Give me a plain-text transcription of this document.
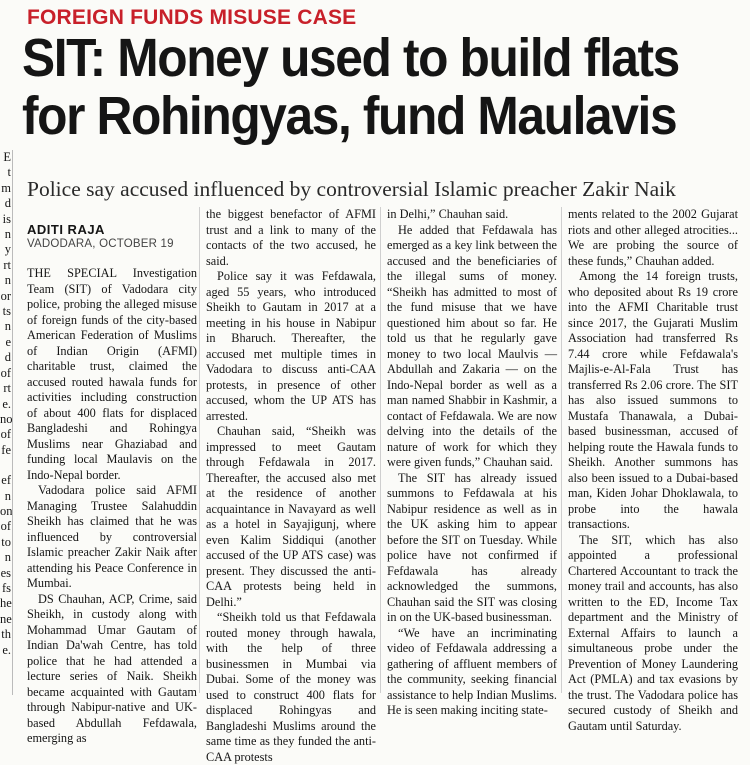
FOREIGN FUNDS MISUSE CASE
SIT: Money used to build flats
for Rohingyas, fund Maulavis
E
t
m
d
is
n
y
rt
n
or
ts
n
e
d
of
rt
e.
no
of
fe
ef
n
on
of
to
n
es
fs
he
ne
th
e.
Police say accused influenced by controversial Islamic preacher Zakir Naik
ADITI RAJA
VADODARA, OCTOBER 19

THE SPECIAL Investigation Team (SIT) of Vadodara city police, probing the alleged misuse of foreign funds of the city-based American Federation of Muslims of Indian Origin (AFMI) charitable trust, claimed the accused routed hawala funds for activities including construction of about 400 flats for displaced Bangladeshi and Rohingya Muslims near Ghaziabad and funding local Maulavis on the Indo-Nepal border.

Vadodara police said AFMI Managing Trustee Salahuddin Sheikh has claimed that he was influenced by controversial Islamic preacher Zakir Naik after attending his Peace Conference in Mumbai.

DS Chauhan, ACP, Crime, said Sheikh, in custody along with Mohammad Umar Gautam of Indian Da'wah Centre, has told police that he had attended a lecture series of Naik. Sheikh became acquainted with Gautam through Nabipur-native and UK-based Abdullah Fefdawala, emerging as

the biggest benefactor of AFMI trust and a link to many of the contacts of the two accused, he said.

Police say it was Fefdawala, aged 55 years, who introduced Sheikh to Gautam in 2017 at a meeting in his house in Nabipur in Bharuch. Thereafter, the accused met multiple times in Vadodara to discuss anti-CAA protests, in presence of other accused, whom the UP ATS has arrested.

Chauhan said, “Sheikh was impressed to meet Gautam through Fefdawala in 2017. Thereafter, the accused also met at the residence of another acquaintance in Navayard as well as a hotel in Sayajigunj, where even Kalim Siddiqui (another accused of the UP ATS case) was present. They discussed the anti-CAA protests being held in Delhi.”

“Sheikh told us that Fefdawala routed money through hawala, with the help of three businessmen in Mumbai via Dubai. Some of the money was used to construct 400 flats for displaced Rohingyas and Bangladeshi Muslims around the same time as they funded the anti-CAA protests

in Delhi,” Chauhan said.

He added that Fefdawala has emerged as a key link between the accused and the beneficiaries of the illegal sums of money. “Sheikh has admitted to most of the fund misuse that we have questioned him about so far. He told us that he regularly gave money to two local Maulvis — Abdullah and Zakaria — on the Indo-Nepal border as well as a man named Shabbir in Kashmir, a contact of Fefdawala. We are now delving into the details of the nature of work for which they were given funds,” Chauhan said.

The SIT has already issued summons to Fefdawala at his Nabipur residence as well as in the UK asking him to appear before the SIT on Tuesday. While police have not confirmed if Fefdawala has already acknowledged the summons, Chauhan said the SIT was closing in on the UK-based businessman.

“We have an incriminating video of Fefdawala addressing a gathering of affluent members of the community, seeking financial assistance to help Indian Muslims. He is seen making inciting state-

ments related to the 2002 Gujarat riots and other alleged atrocities... We are probing the source of these funds,” Chauhan added.

Among the 14 foreign trusts, who deposited about Rs 19 crore into the AFMI Charitable trust since 2017, the Gujarati Muslim Association had transferred Rs 7.44 crore while Fefdawala's Majlis-e-Al-Fala Trust has transferred Rs 2.06 crore. The SIT has also issued summons to Mustafa Thanawala, a Dubai-based businessman, accused of helping route the Hawala funds to Sheikh. Another summons has also been issued to a Dubai-based man, Kiden Johar Dhoklawala, to probe into the hawala transactions.

The SIT, which has also appointed a professional Chartered Accountant to track the money trail and accounts, has also written to the ED, Income Tax department and the Ministry of External Affairs to launch a simultaneous probe under the Prevention of Money Laundering Act (PMLA) and tax evasions by the trust. The Vadodara police has secured custody of Sheikh and Gautam until Saturday.
